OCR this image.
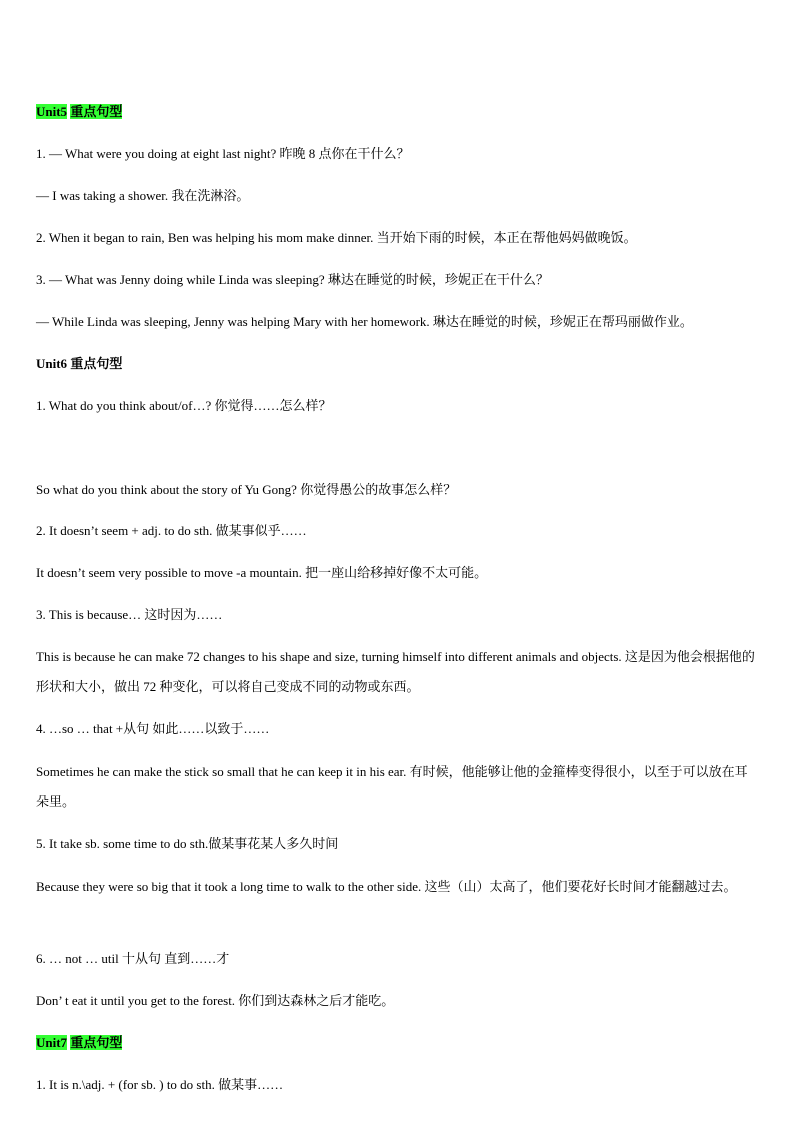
Unit5 重点句型
1. — What were you doing at eight last night? 昨晚 8 点你在干什么？
— I was taking a shower. 我在洗淋浴。
2. When it began to rain, Ben was helping his mom make dinner. 当开始下雨的时候，本正在帮他妈妈做晚饭。
3. — What was Jenny doing while Linda was sleeping? 琳达在睡觉的时候，珍妮正在干什么？
— While Linda was sleeping, Jenny was helping Mary with her homework. 琳达在睡觉的时候，珍妮正在帮玛丽做作业。
Unit6 重点句型
1. What do you think about/of…? 你觉得……怎么样？
So what do you think about the story of Yu Gong? 你觉得愚公的故事怎么样？
2. It doesn’t seem + adj. to do sth. 做某事似乎……
It doesn’t seem very possible to move -a mountain. 把一座山给移掉好像不太可能。
3. This is because… 这时因为……
This is because he can make 72 changes to his shape and size, turning himself into different animals and objects. 这是因为他会根据他的形状和大小，做出 72 种变化，可以将自己变成不同的动物或东西。
4. …so … that +从句 如此……以致于……
Sometimes he can make the stick so small that he can keep it in his ear. 有时候，他能够让他的金箍棒变得很小，以至于可以放在耳朵里。
5. It take sb. some time to do sth.做某事花某人多久时间
Because they were so big that it took a long time to walk to the other side. 这些（山）太高了，他们要花好长时间才能翻越过去。
6. … not … util 十从句 直到……才
Don’ t eat it until you get to the forest. 你们到达森林之后才能吃。
Unit7 重点句型
1. It is n.\adj. + (for sb. ) to do sth. 做某事……
